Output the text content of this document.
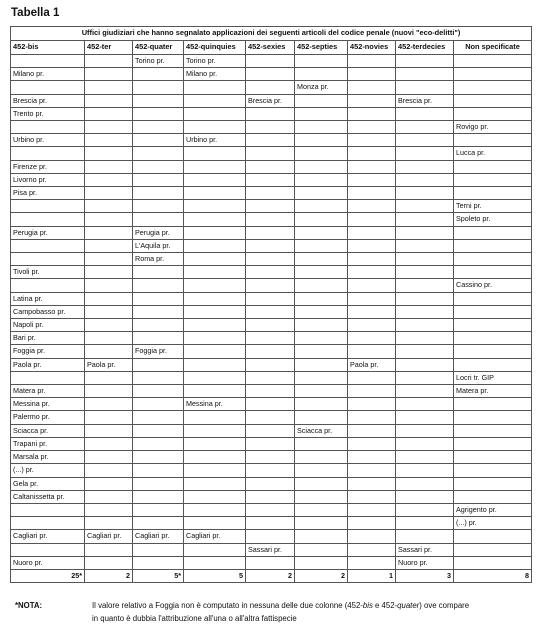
Tabella 1
Uffici giudiziari che hanno segnalato applicazioni dei seguenti articoli del codice penale (nuovi "eco-delitti")								
452-bis	452-ter	452-quater	452-quinquies	452-sexies	452-septies	452-novies	452-terdecies	Non specificate
		Torino pr.	Torino pr.					
Milano pr.			Milano pr.					
					Monza pr.			
Brescia pr.				Brescia pr.			Brescia pr.	
Trento pr.								
								Rovigo pr.
Urbino pr.			Urbino pr.					
								Lucca pr.
Firenze pr.								
Livorno pr.								
Pisa pr.								
								Terni pr.
								Spoleto pr.
Perugia pr.		Perugia pr.						
		L'Aquila pr.						
		Roma pr.						
Tivoli pr.								
								Cassino pr.
Latina pr.								
Campobasso pr.								
Napoli pr.								
Bari pr.								
Foggia pr.		Foggia pr.						
Paola pr.	Paola pr.					Paola pr.		
								Locri tr. GIP
Matera pr.								Matera pr.
Messina pr.			Messina pr.					
Palermo pr.								
Sciacca pr.					Sciacca pr.			
Trapani pr.								
Marsala pr.								
(...) pr.								
Gela pr.								
Caltanissetta pr.								
								Agrigento pr.
								(...) pr.
Cagliari pr.	Cagliari pr.	Cagliari pr.	Cagliari pr.					
				Sassari pr.			Sassari pr.	
Nuoro pr.							Nuoro pr.	
25*	2	5*	5	2	2	1	3	8
*NOTA:	Il valore relativo a Foggia non è computato in nessuna delle due colonne (452-bis e 452-quater) ove compare
in quanto è dubbia l'attribuzione all'una o all'altra fattispecie
